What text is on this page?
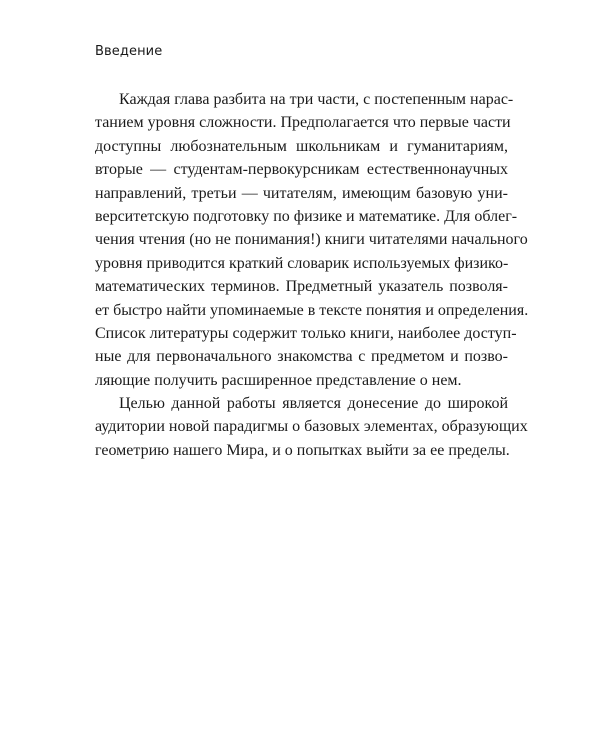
Введение

Каждая глава разбита на три части, с постепенным нарас-
танием уровня сложности. Предполагается что первые части
доступны любознательным школьникам и гуманитариям,
вторые — студентам-первокурсникам естественнонаучных
направлений, третьи — читателям, имеющим базовую уни-
верситетскую подготовку по физике и математике. Для облег-
чения чтения (но не понимания!) книги читателями начального
уровня приводится краткий словарик используемых физико-
математических терминов. Предметный указатель позволя-
ет быстро найти упоминаемые в тексте понятия и определения.
Список литературы содержит только книги, наиболее доступ-
ные для первоначального знакомства с предметом и позво-
ляющие получить расширенное представление о нем.

Целью данной работы является донесение до широкой
аудитории новой парадигмы о базовых элементах, образующих
геометрию нашего Мира, и о попытках выйти за ее пределы.
